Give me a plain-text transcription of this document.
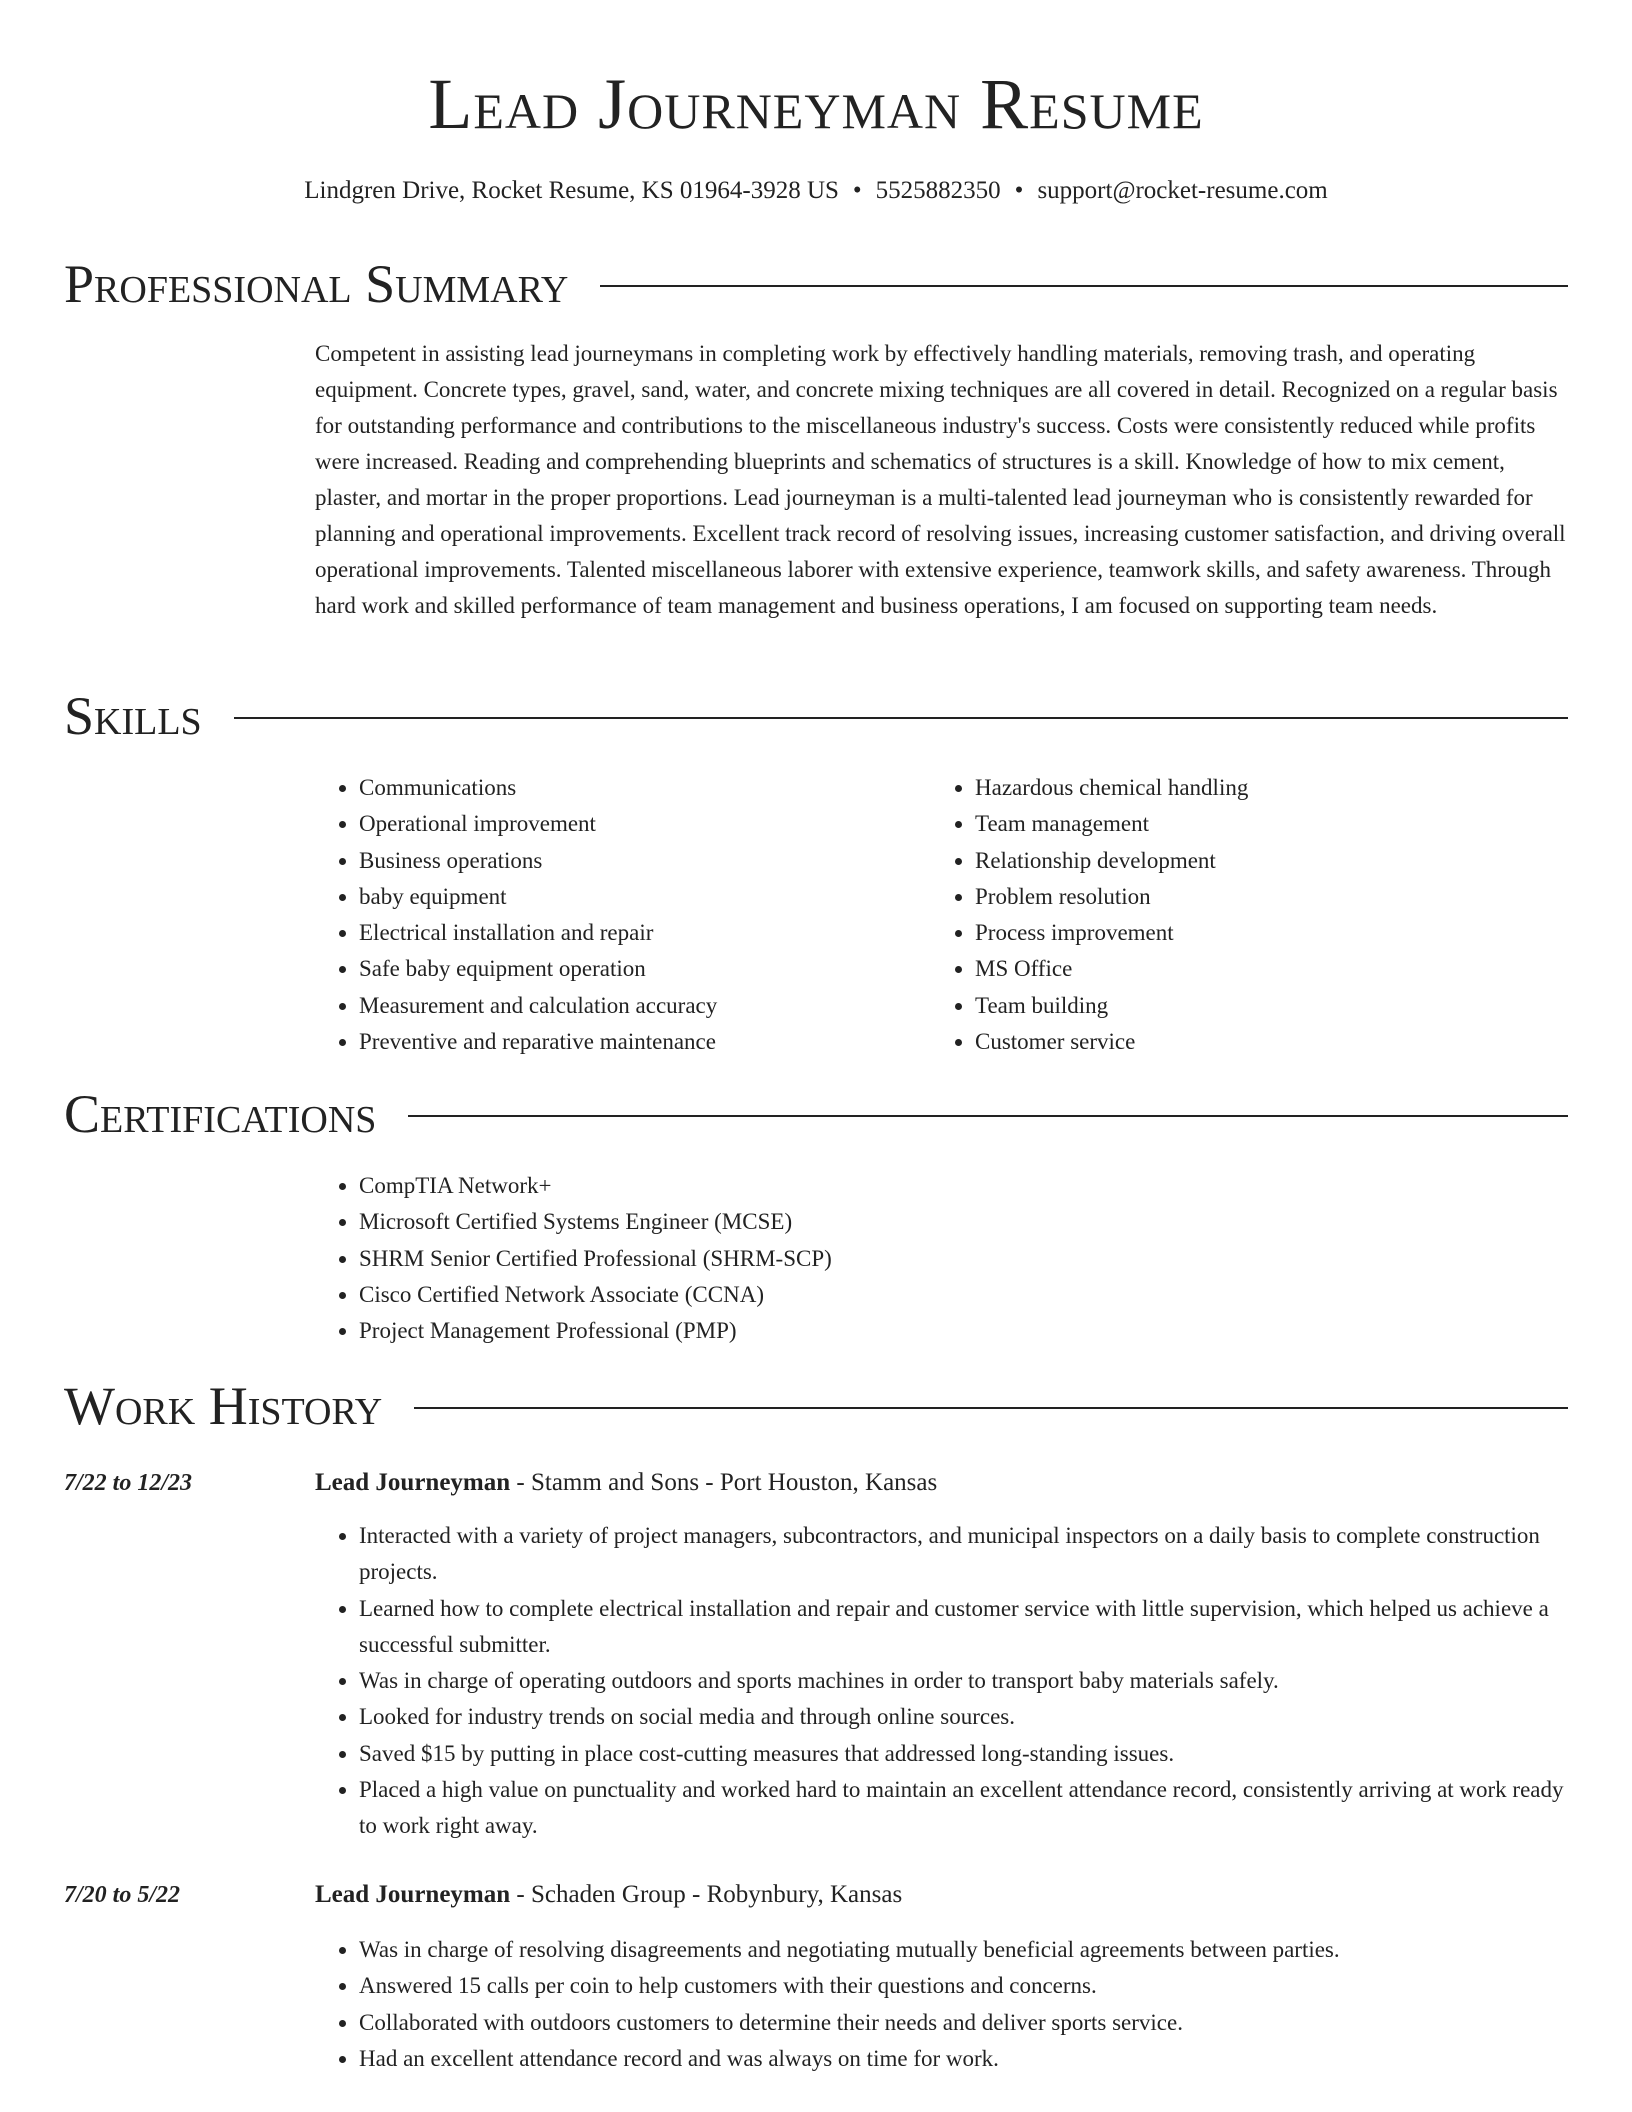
Lead Journeyman Resume
Lindgren Drive, Rocket Resume, KS 01964-3928 US • 5525882350 • support@rocket-resume.com
Professional Summary
Competent in assisting lead journeymans in completing work by effectively handling materials, removing trash, and operating equipment. Concrete types, gravel, sand, water, and concrete mixing techniques are all covered in detail. Recognized on a regular basis for outstanding performance and contributions to the miscellaneous industry's success. Costs were consistently reduced while profits were increased. Reading and comprehending blueprints and schematics of structures is a skill. Knowledge of how to mix cement, plaster, and mortar in the proper proportions. Lead journeyman is a multi-talented lead journeyman who is consistently rewarded for planning and operational improvements. Excellent track record of resolving issues, increasing customer satisfaction, and driving overall operational improvements. Talented miscellaneous laborer with extensive experience, teamwork skills, and safety awareness. Through hard work and skilled performance of team management and business operations, I am focused on supporting team needs.
Skills
• Communications
• Operational improvement
• Business operations
• baby equipment
• Electrical installation and repair
• Safe baby equipment operation
• Measurement and calculation accuracy
• Preventive and reparative maintenance
• Hazardous chemical handling
• Team management
• Relationship development
• Problem resolution
• Process improvement
• MS Office
• Team building
• Customer service
Certifications
• CompTIA Network+
• Microsoft Certified Systems Engineer (MCSE)
• SHRM Senior Certified Professional (SHRM-SCP)
• Cisco Certified Network Associate (CCNA)
• Project Management Professional (PMP)
Work History
7/22 to 12/23	Lead Journeyman - Stamm and Sons - Port Houston, Kansas
• Interacted with a variety of project managers, subcontractors, and municipal inspectors on a daily basis to complete construction projects.
• Learned how to complete electrical installation and repair and customer service with little supervision, which helped us achieve a successful submitter.
• Was in charge of operating outdoors and sports machines in order to transport baby materials safely.
• Looked for industry trends on social media and through online sources.
• Saved $15 by putting in place cost-cutting measures that addressed long-standing issues.
• Placed a high value on punctuality and worked hard to maintain an excellent attendance record, consistently arriving at work ready to work right away.
7/20 to 5/22	Lead Journeyman - Schaden Group - Robynbury, Kansas
• Was in charge of resolving disagreements and negotiating mutually beneficial agreements between parties.
• Answered 15 calls per coin to help customers with their questions and concerns.
• Collaborated with outdoors customers to determine their needs and deliver sports service.
• Had an excellent attendance record and was always on time for work.
